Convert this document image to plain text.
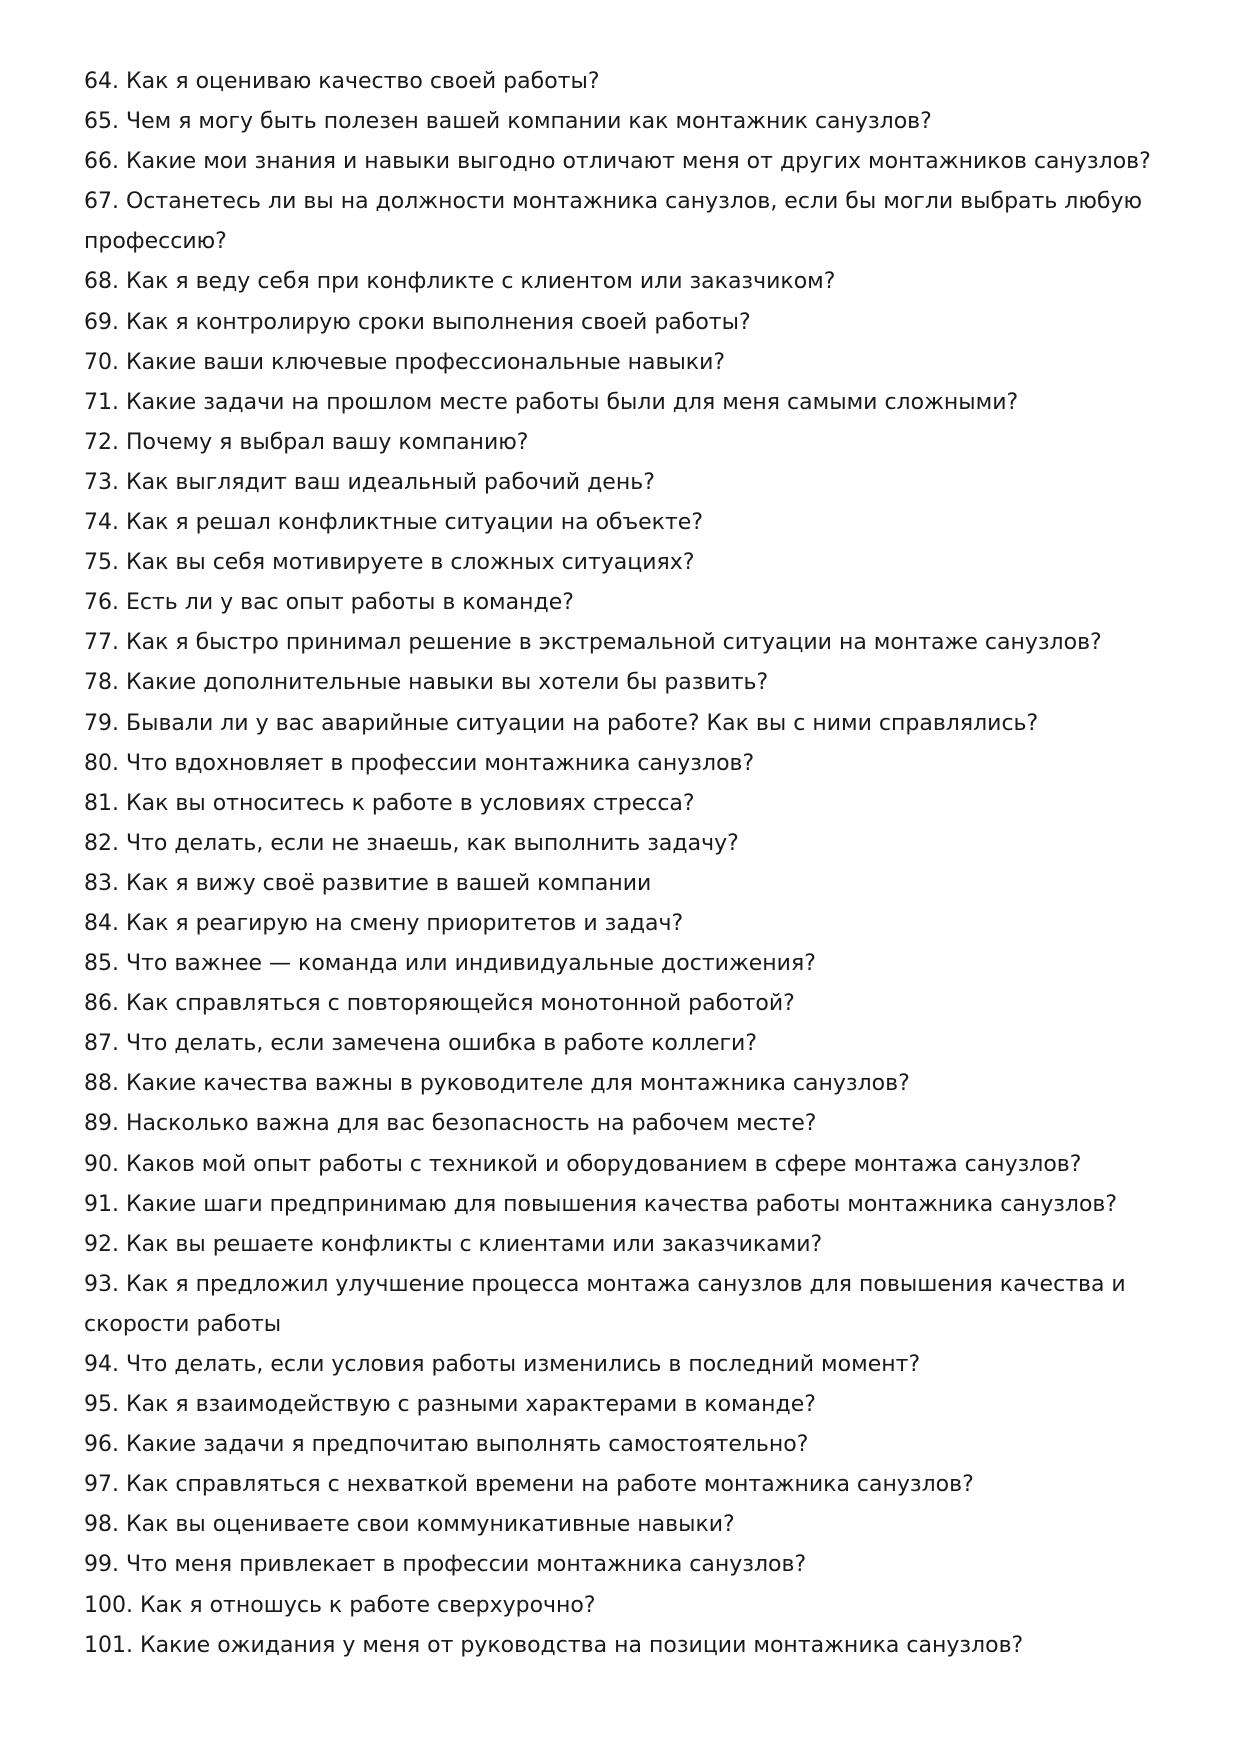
64. Как я оцениваю качество своей работы?
65. Чем я могу быть полезен вашей компании как монтажник санузлов?
66. Какие мои знания и навыки выгодно отличают меня от других монтажников санузлов?
67. Останетесь ли вы на должности монтажника санузлов, если бы могли выбрать любую профессию?
68. Как я веду себя при конфликте с клиентом или заказчиком?
69. Как я контролирую сроки выполнения своей работы?
70. Какие ваши ключевые профессиональные навыки?
71. Какие задачи на прошлом месте работы были для меня самыми сложными?
72. Почему я выбрал вашу компанию?
73. Как выглядит ваш идеальный рабочий день?
74. Как я решал конфликтные ситуации на объекте?
75. Как вы себя мотивируете в сложных ситуациях?
76. Есть ли у вас опыт работы в команде?
77. Как я быстро принимал решение в экстремальной ситуации на монтаже санузлов?
78. Какие дополнительные навыки вы хотели бы развить?
79. Бывали ли у вас аварийные ситуации на работе? Как вы с ними справлялись?
80. Что вдохновляет в профессии монтажника санузлов?
81. Как вы относитесь к работе в условиях стресса?
82. Что делать, если не знаешь, как выполнить задачу?
83. Как я вижу своё развитие в вашей компании
84. Как я реагирую на смену приоритетов и задач?
85. Что важнее — команда или индивидуальные достижения?
86. Как справляться с повторяющейся монотонной работой?
87. Что делать, если замечена ошибка в работе коллеги?
88. Какие качества важны в руководителе для монтажника санузлов?
89. Насколько важна для вас безопасность на рабочем месте?
90. Каков мой опыт работы с техникой и оборудованием в сфере монтажа санузлов?
91. Какие шаги предпринимаю для повышения качества работы монтажника санузлов?
92. Как вы решаете конфликты с клиентами или заказчиками?
93. Как я предложил улучшение процесса монтажа санузлов для повышения качества и скорости работы
94. Что делать, если условия работы изменились в последний момент?
95. Как я взаимодействую с разными характерами в команде?
96. Какие задачи я предпочитаю выполнять самостоятельно?
97. Как справляться с нехваткой времени на работе монтажника санузлов?
98. Как вы оцениваете свои коммуникативные навыки?
99. Что меня привлекает в профессии монтажника санузлов?
100. Как я отношусь к работе сверхурочно?
101. Какие ожидания у меня от руководства на позиции монтажника санузлов?
